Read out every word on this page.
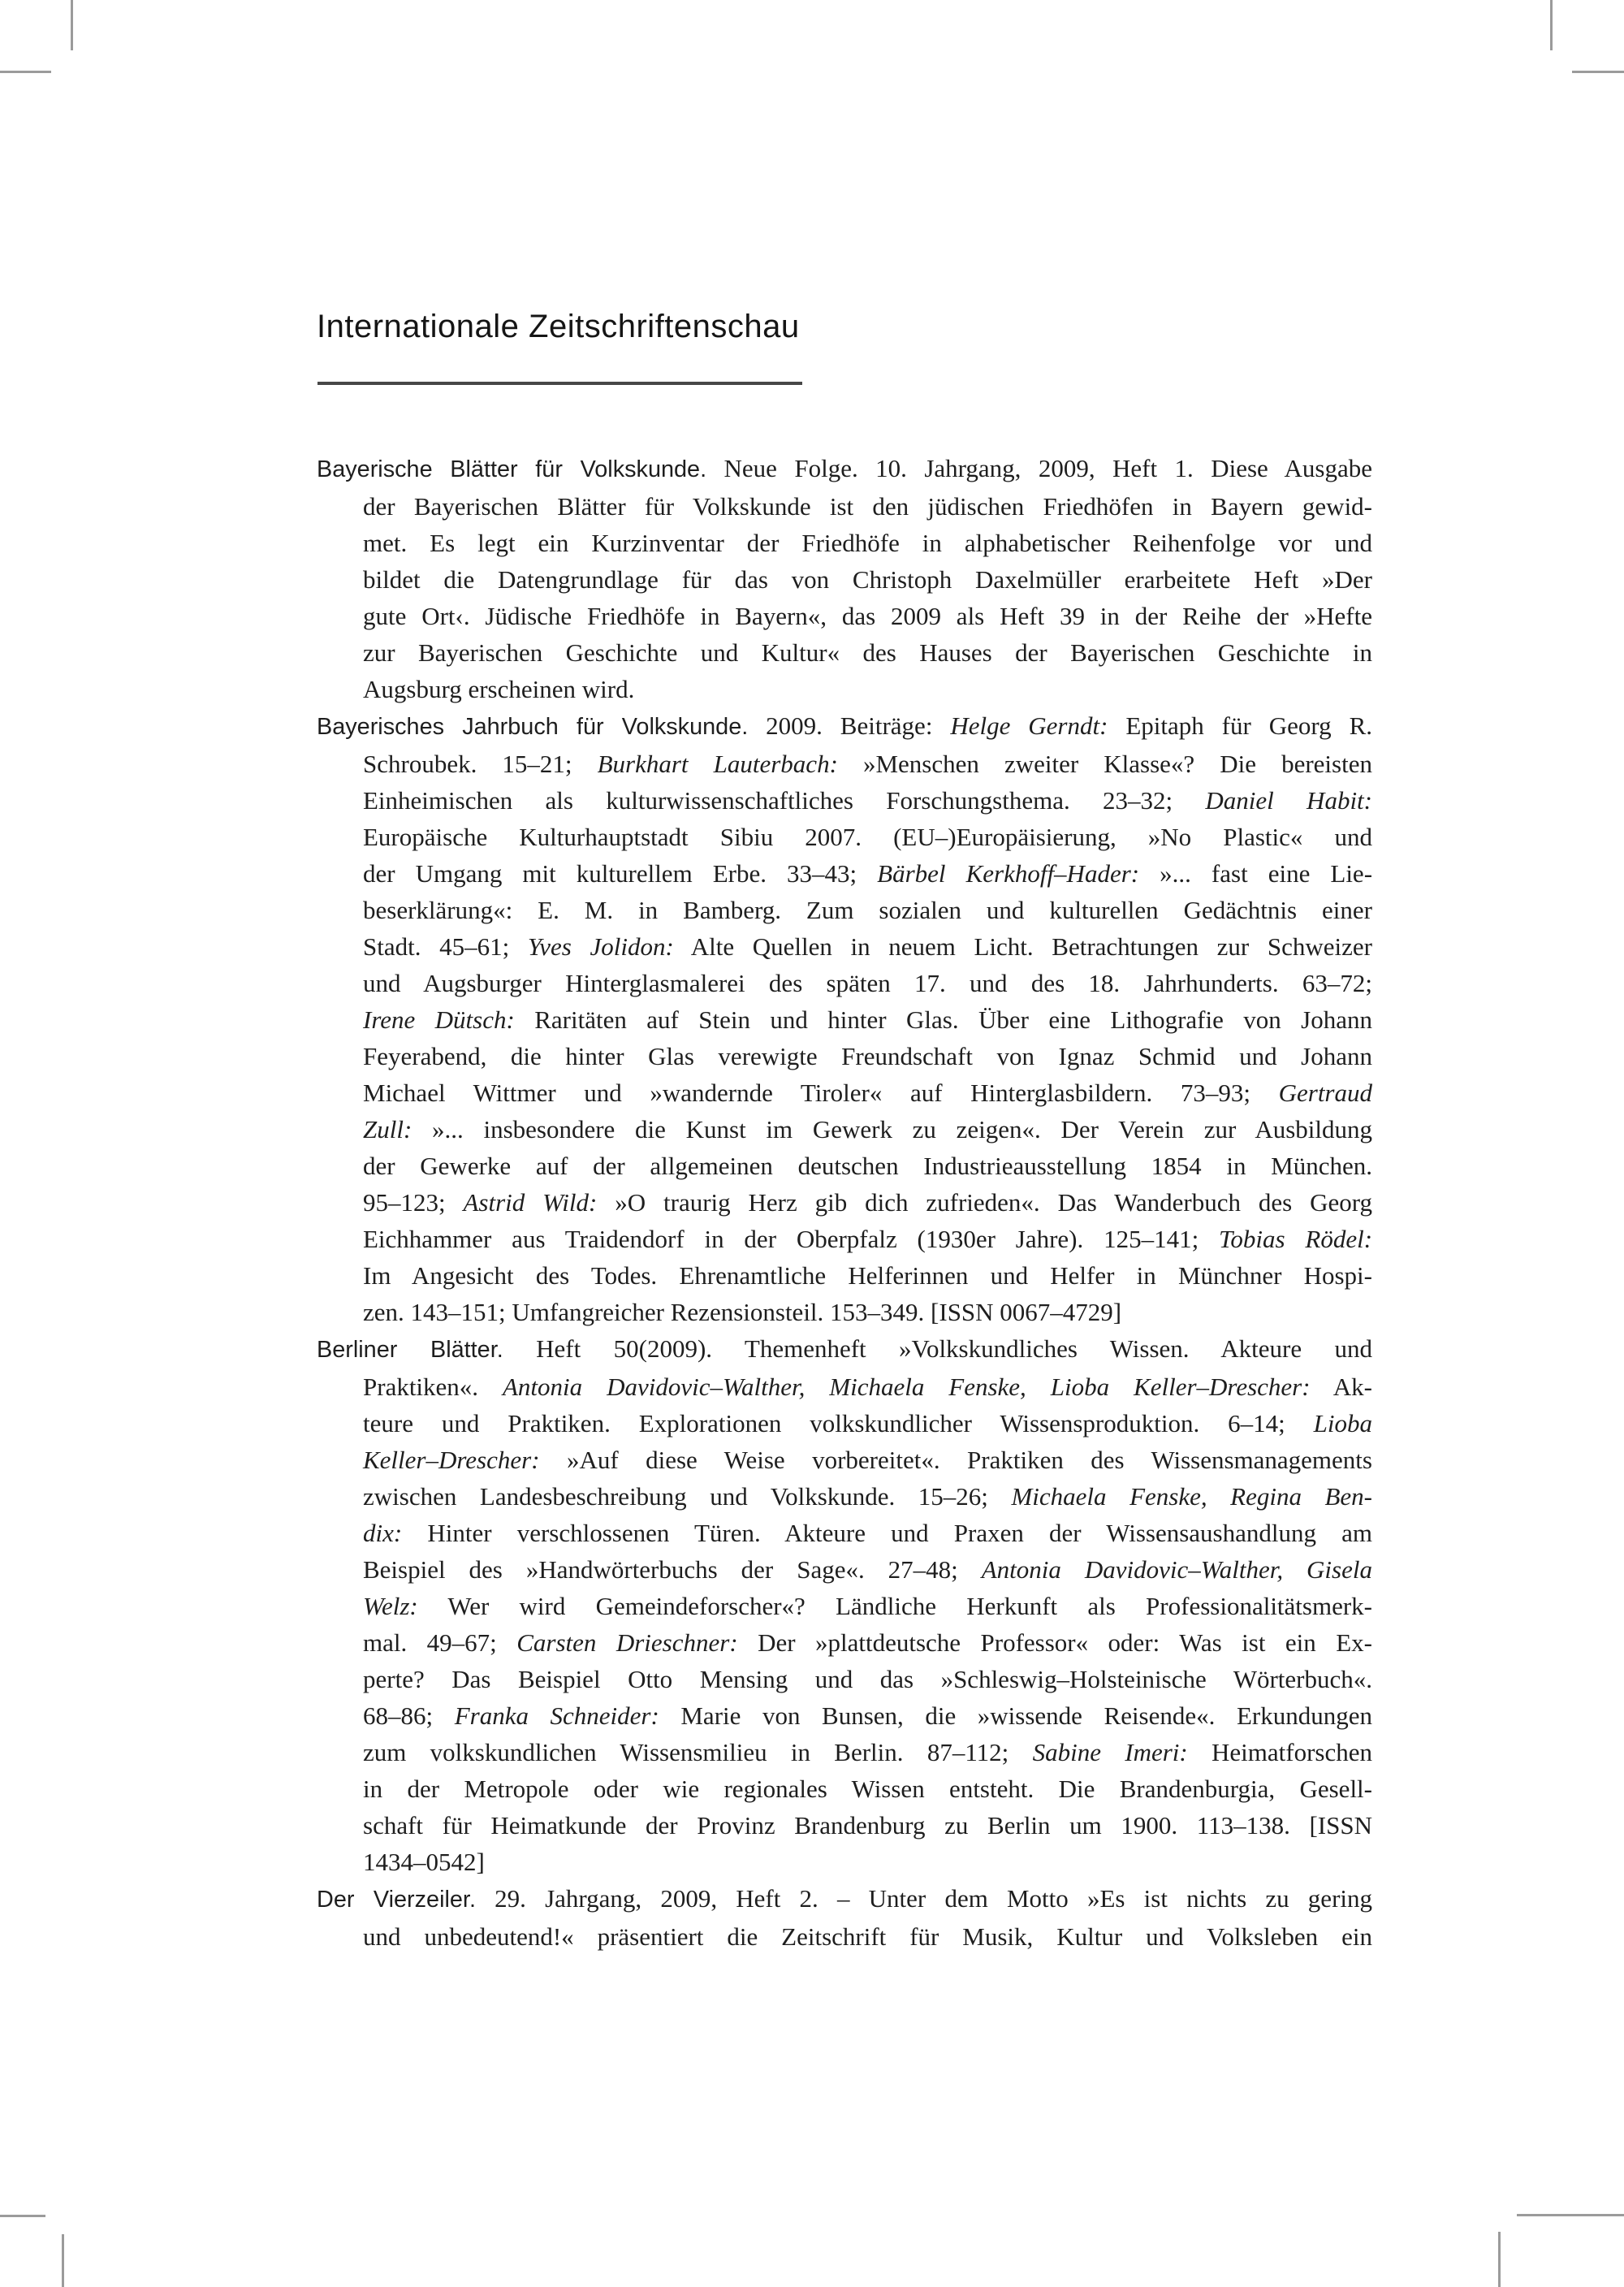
Internationale Zeitschriftenschau
Bayerische Blätter für Volkskunde. Neue Folge. 10. Jahrgang, 2009, Heft 1. Diese Ausgabe
der Bayerischen Blätter für Volkskunde ist den jüdischen Friedhöfen in Bayern gewid-
met. Es legt ein Kurzinventar der Friedhöfe in alphabetischer Reihenfolge vor und
bildet die Datengrundlage für das von Christoph Daxelmüller erarbeitete Heft »Der
gute Ort‹. Jüdische Friedhöfe in Bayern«, das 2009 als Heft 39 in der Reihe der »Hefte
zur Bayerischen Geschichte und Kultur« des Hauses der Bayerischen Geschichte in
Augsburg erscheinen wird.
Bayerisches Jahrbuch für Volkskunde. 2009. Beiträge: Helge Gerndt: Epitaph für Georg R.
Schroubek. 15–21; Burkhart Lauterbach: »Menschen zweiter Klasse«? Die bereisten
Einheimischen als kulturwissenschaftliches Forschungsthema. 23–32; Daniel Habit:
Europäische Kulturhauptstadt Sibiu 2007. (EU–)Europäisierung, »No Plastic« und
der Umgang mit kulturellem Erbe. 33–43; Bärbel Kerkhoff–Hader: »... fast eine Lie-
beserklärung«: E. M. in Bamberg. Zum sozialen und kulturellen Gedächtnis einer
Stadt. 45–61; Yves Jolidon: Alte Quellen in neuem Licht. Betrachtungen zur Schweizer
und Augsburger Hinterglasmalerei des späten 17. und des 18. Jahrhunderts. 63–72;
Irene Dütsch: Raritäten auf Stein und hinter Glas. Über eine Lithografie von Johann
Feyerabend, die hinter Glas verewigte Freundschaft von Ignaz Schmid und Johann
Michael Wittmer und »wandernde Tiroler« auf Hinterglasbildern. 73–93; Gertraud
Zull: »... insbesondere die Kunst im Gewerk zu zeigen«. Der Verein zur Ausbildung
der Gewerke auf der allgemeinen deutschen Industrieausstellung 1854 in München.
95–123; Astrid Wild: »O traurig Herz gib dich zufrieden«. Das Wanderbuch des Georg
Eichhammer aus Traidendorf in der Oberpfalz (1930er Jahre). 125–141; Tobias Rödel:
Im Angesicht des Todes. Ehrenamtliche Helferinnen und Helfer in Münchner Hospi-
zen. 143–151; Umfangreicher Rezensionsteil. 153–349. [ISSN 0067–4729]
Berliner Blätter. Heft 50(2009). Themenheft »Volkskundliches Wissen. Akteure und
Praktiken«. Antonia Davidovic–Walther, Michaela Fenske, Lioba Keller–Drescher: Ak-
teure und Praktiken. Explorationen volkskundlicher Wissensproduktion. 6–14; Lioba
Keller–Drescher: »Auf diese Weise vorbereitet«. Praktiken des Wissensmanagements
zwischen Landesbeschreibung und Volkskunde. 15–26; Michaela Fenske, Regina Ben-
dix: Hinter verschlossenen Türen. Akteure und Praxen der Wissensaushandlung am
Beispiel des »Handwörterbuchs der Sage«. 27–48; Antonia Davidovic–Walther, Gisela
Welz: Wer wird Gemeindeforscher«? Ländliche Herkunft als Professionalitätsmerk-
mal. 49–67; Carsten Drieschner: Der »plattdeutsche Professor« oder: Was ist ein Ex-
perte? Das Beispiel Otto Mensing und das »Schleswig–Holsteinische Wörterbuch«.
68–86; Franka Schneider: Marie von Bunsen, die »wissende Reisende«. Erkundungen
zum volkskundlichen Wissensmilieu in Berlin. 87–112; Sabine Imeri: Heimatforschen
in der Metropole oder wie regionales Wissen entsteht. Die Brandenburgia, Gesell-
schaft für Heimatkunde der Provinz Brandenburg zu Berlin um 1900. 113–138. [ISSN
1434–0542]
Der Vierzeiler. 29. Jahrgang, 2009, Heft 2. – Unter dem Motto »Es ist nichts zu gering
und unbedeutend!« präsentiert die Zeitschrift für Musik, Kultur und Volksleben ein
